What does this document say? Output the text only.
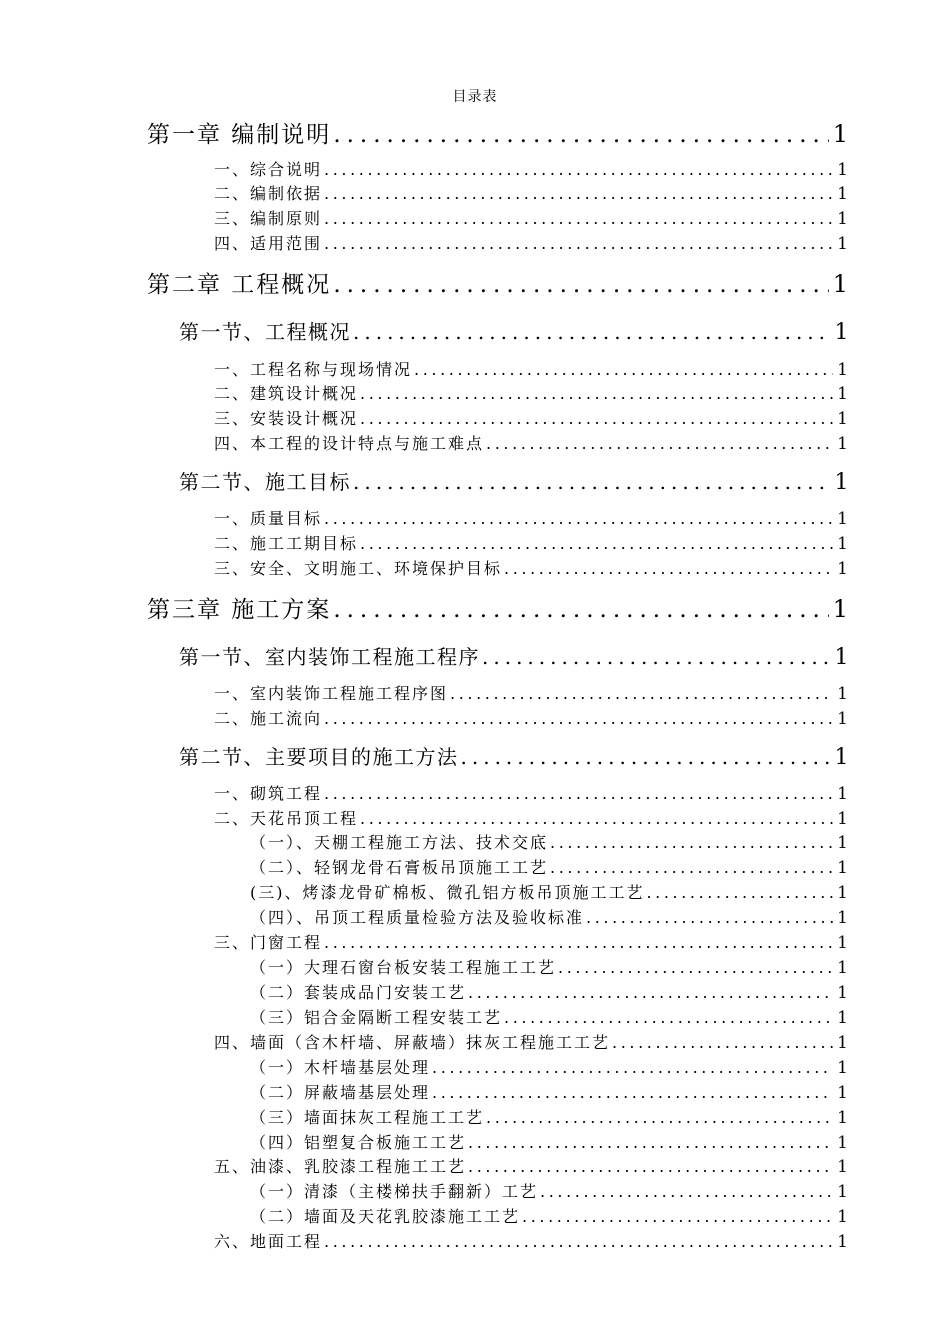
目录表
第一章 编制说明 .....	1
一、综合说明 .....	1
二、编制依据 .....	1
三、编制原则 .....	1
四、适用范围 .....	1
第二章 工程概况 .....	1
第一节、工程概况 .....	1
一、工程名称与现场情况 .....	1
二、建筑设计概况 .....	1
三、安装设计概况 .....	1
四、本工程的设计特点与施工难点 .....	1
第二节、施工目标 .....	1
一、质量目标 .....	1
二、施工工期目标 .....	1
三、安全、文明施工、环境保护目标 .....	1
第三章 施工方案 .....	1
第一节、室内装饰工程施工程序 .....	1
一、室内装饰工程施工程序图 .....	1
二、施工流向 .....	1
第二节、主要项目的施工方法 .....	1
一、砌筑工程 .....	1
二、天花吊顶工程 .....	1
（一）、天棚工程施工方法、技术交底 .....	1
（二）、轻钢龙骨石膏板吊顶施工工艺 .....	1
(三)、烤漆龙骨矿棉板、微孔铝方板吊顶施工工艺 .....	1
（四）、吊顶工程质量检验方法及验收标准 .....	1
三、门窗工程 .....	1
（一）大理石窗台板安装工程施工工艺 .....	1
（二）套装成品门安装工艺 .....	1
（三）铝合金隔断工程安装工艺 .....	1
四、墙面（含木杆墙、屏蔽墙）抹灰工程施工工艺 .....	1
（一）木杆墙基层处理 .....	1
（二）屏蔽墙基层处理 .....	1
（三）墙面抹灰工程施工工艺 .....	1
（四）铝塑复合板施工工艺 .....	1
五、油漆、乳胶漆工程施工工艺 .....	1
（一）清漆（主楼梯扶手翻新）工艺 .....	1
（二）墙面及天花乳胶漆施工工艺 .....	1
六、地面工程 .....	1
